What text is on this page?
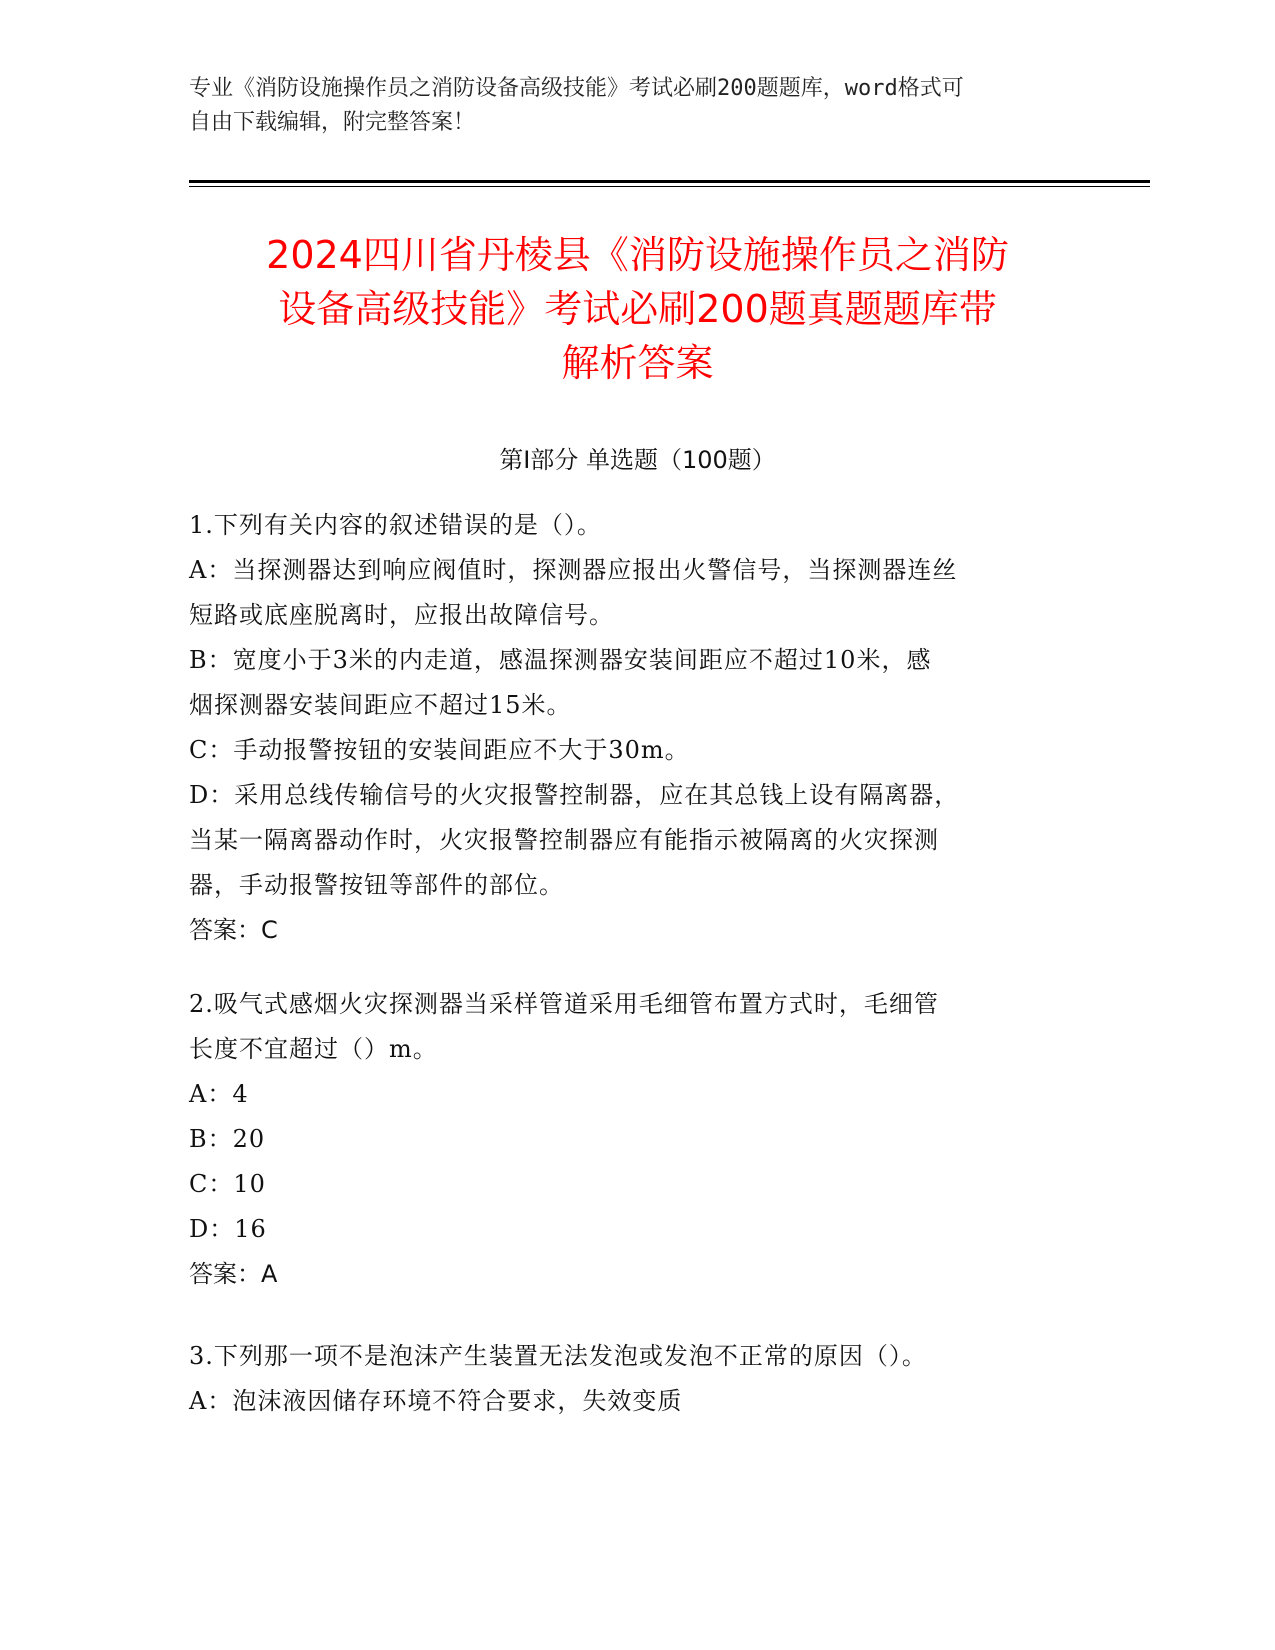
专业《消防设施操作员之消防设备高级技能》考试必刷200题题库，word格式可
自由下载编辑，附完整答案！
2024四川省丹棱县《消防设施操作员之消防
设备高级技能》考试必刷200题真题题库带
解析答案
第I部分 单选题（100题）
1.下列有关内容的叙述错误的是（）。
A：当探测器达到响应阀值时，探测器应报出火警信号，当探测器连丝
短路或底座脱离时，应报出故障信号。
B：宽度小于3米的内走道，感温探测器安装间距应不超过10米，感
烟探测器安装间距应不超过15米。
C：手动报警按钮的安装间距应不大于30m。
D：采用总线传输信号的火灾报警控制器，应在其总钱上设有隔离器，
当某一隔离器动作时，火灾报警控制器应有能指示被隔离的火灾探测
器，手动报警按钮等部件的部位。
答案：C
2.吸气式感烟火灾探测器当采样管道采用毛细管布置方式时，毛细管
长度不宜超过（）m。
A：4
B：20
C：10
D：16
答案：A
3.下列那一项不是泡沫产生装置无法发泡或发泡不正常的原因（）。
A：泡沫液因储存环境不符合要求，失效变质
